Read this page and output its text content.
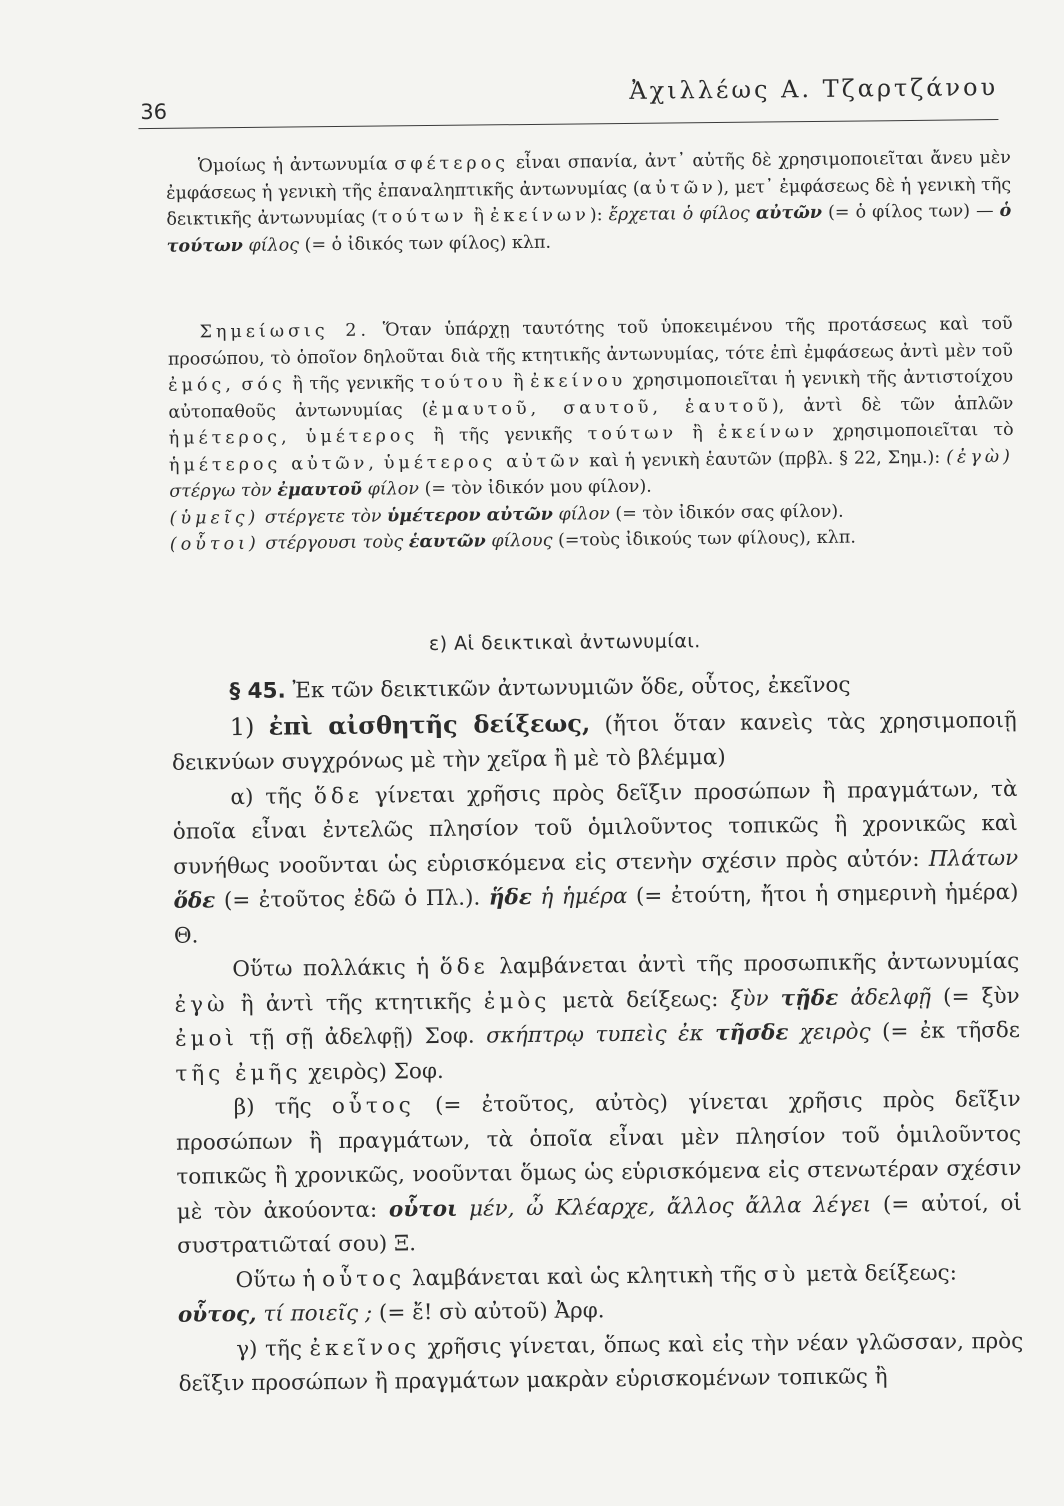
36
Ἀχιλλέως Α. Τζαρτζάνου

Ὁμοίως ἡ ἀντωνυμία σφέτερος εἶναι σπανία, ἀντ᾽ αὐτῆς δὲ χρησιμοποιεῖται ἄνευ μὲν ἐμφάσεως ἡ γενικὴ τῆς ἐπαναληπτικῆς ἀντωνυμίας (αὐτῶν), μετ᾽ ἐμφάσεως δὲ ἡ γενικὴ τῆς δεικτικῆς ἀντωνυμίας (τούτων ἢ ἐκείνων): ἔρχεται ὁ φίλος αὐτῶν (= ὁ φίλος των) — ὁ τούτων φίλος (= ὁ ἰδικός των φίλος) κλπ.

Σημείωσις 2. Ὅταν ὑπάρχῃ ταυτότης τοῦ ὑποκειμένου τῆς προτάσεως καὶ τοῦ προσώπου, τὸ ὁποῖον δηλοῦται διὰ τῆς κτητικῆς ἀντωνυμίας, τότε ἐπὶ ἐμφάσεως ἀντὶ μὲν τοῦ ἐμός, σός ἢ τῆς γενικῆς τούτου ἢ ἐκείνου χρησιμοποιεῖται ἡ γενικὴ τῆς ἀντιστοίχου αὐτοπαθοῦς ἀντωνυμίας (ἐμαυτοῦ, σαυτοῦ, ἑαυτοῦ), ἀντὶ δὲ τῶν ἁπλῶν ἡμέτερος, ὑμέτερος ἢ τῆς γενικῆς τούτων ἢ ἐκείνων χρησιμοποιεῖται τὸ ἡμέτερος αὐτῶν, ὑμέτερος αὐτῶν καὶ ἡ γενικὴ ἑαυτῶν (πρβλ. § 22, Σημ.): (ἐγὼ) στέργω τὸν ἐμαυτοῦ φίλον (= τὸν ἰδικόν μου φίλον).
(ὑμεῖς) στέργετε τὸν ὑμέτερον αὐτῶν φίλον (= τὸν ἰδικόν σας φίλον).
(οὗτοι) στέργουσι τοὺς ἑαυτῶν φίλους (=τοὺς ἰδικούς των φίλους), κλπ.

ε) Αἱ δεικτικαὶ ἀντωνυμίαι.

§ 45. Ἐκ τῶν δεικτικῶν ἀντωνυμιῶν ὅδε, οὗτος, ἐκεῖνος

1) ἐπὶ αἰσθητῆς δείξεως, (ἤτοι ὅταν κανεὶς τὰς χρησιμοποιῇ δεικνύων συγχρόνως μὲ τὴν χεῖρα ἢ μὲ τὸ βλέμμα)

α) τῆς ὅδε γίνεται χρῆσις πρὸς δεῖξιν προσώπων ἢ πραγμάτων, τὰ ὁποῖα εἶναι ἐντελῶς πλησίον τοῦ ὁμιλοῦντος τοπικῶς ἢ χρονικῶς καὶ συνήθως νοοῦνται ὡς εὑρισκόμενα εἰς στενὴν σχέσιν πρὸς αὐτόν: Πλάτων ὅδε (= ἐτοῦτος ἐδῶ ὁ Πλ.). ἥδε ἡ ἡμέρα (= ἐτούτη, ἤτοι ἡ σημερινὴ ἡμέρα) Θ.

Οὕτω πολλάκις ἡ ὅδε λαμβάνεται ἀντὶ τῆς προσωπικῆς ἀντωνυμίας ἐγὼ ἢ ἀντὶ τῆς κτητικῆς ἐμὸς μετὰ δείξεως: ξὺν τῇδε ἀδελφῇ (= ξὺν ἐμοὶ τῇ σῇ ἀδελφῇ) Σοφ. σκήπτρῳ τυπεὶς ἐκ τῆσδε χειρὸς (= ἐκ τῆσδε τῆς ἐμῆς χειρὸς) Σοφ.

β) τῆς οὗτος (= ἐτοῦτος, αὐτὸς) γίνεται χρῆσις πρὸς δεῖξιν προσώπων ἢ πραγμάτων, τὰ ὁποῖα εἶναι μὲν πλησίον τοῦ ὁμιλοῦντος τοπικῶς ἢ χρονικῶς, νοοῦνται ὅμως ὡς εὑρισκόμενα εἰς στενωτέραν σχέσιν μὲ τὸν ἀκούοντα: οὗτοι μέν, ὦ Κλέαρχε, ἄλλος ἄλλα λέγει (= αὐτοί, οἱ συστρατιῶταί σου) Ξ.

Οὕτω ἡ οὗτος λαμβάνεται καὶ ὡς κλητικὴ τῆς σὺ μετὰ δείξεως:
οὗτος, τί ποιεῖς ; (= ἔ! σὺ αὐτοῦ) Ἀρφ.

γ) τῆς ἐκεῖνος χρῆσις γίνεται, ὅπως καὶ εἰς τὴν νέαν γλῶσσαν, πρὸς δεῖξιν προσώπων ἢ πραγμάτων μακρὰν εὑρισκομένων τοπικῶς ἢ
